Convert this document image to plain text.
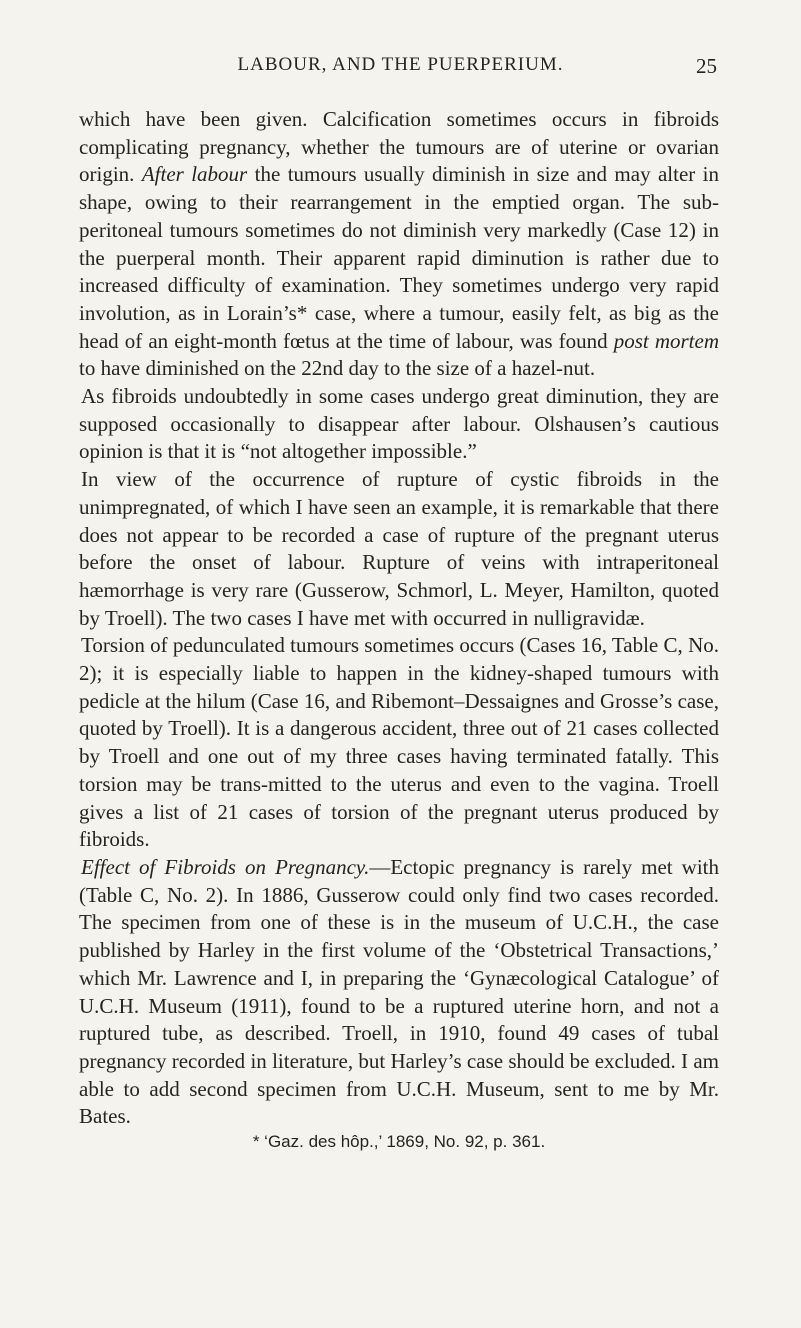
LABOUR, AND THE PUERPERIUM.	25

which have been given. Calcification sometimes occurs in fibroids complicating pregnancy, whether the tumours are of uterine or ovarian origin. After labour the tumours usually diminish in size and may alter in shape, owing to their rearrangement in the emptied organ. The sub-peritoneal tumours sometimes do not diminish very markedly (Case 12) in the puerperal month. Their apparent rapid diminution is rather due to increased difficulty of examination. They sometimes undergo very rapid involution, as in Lorain’s* case, where a tumour, easily felt, as big as the head of an eight-month fœtus at the time of labour, was found post mortem to have diminished on the 22nd day to the size of a hazel-nut.

As fibroids undoubtedly in some cases undergo great diminution, they are supposed occasionally to disappear after labour. Olshausen’s cautious opinion is that it is “not altogether impossible.”

In view of the occurrence of rupture of cystic fibroids in the unimpregnated, of which I have seen an example, it is remarkable that there does not appear to be recorded a case of rupture of the pregnant uterus before the onset of labour. Rupture of veins with intraperitoneal hæmorrhage is very rare (Gusserow, Schmorl, L. Meyer, Hamilton, quoted by Troell). The two cases I have met with occurred in nulligravidæ.

Torsion of pedunculated tumours sometimes occurs (Cases 16, Table C, No. 2); it is especially liable to happen in the kidney-shaped tumours with pedicle at the hilum (Case 16, and Ribemont–Dessaignes and Grosse’s case, quoted by Troell). It is a dangerous accident, three out of 21 cases collected by Troell and one out of my three cases having terminated fatally. This torsion may be trans-mitted to the uterus and even to the vagina. Troell gives a list of 21 cases of torsion of the pregnant uterus produced by fibroids.

Effect of Fibroids on Pregnancy.—Ectopic pregnancy is rarely met with (Table C, No. 2). In 1886, Gusserow could only find two cases recorded. The specimen from one of these is in the museum of U.C.H., the case published by Harley in the first volume of the ‘Obstetrical Transactions,’ which Mr. Lawrence and I, in preparing the ‘Gynæcological Catalogue’ of U.C.H. Museum (1911), found to be a ruptured uterine horn, and not a ruptured tube, as described. Troell, in 1910, found 49 cases of tubal pregnancy recorded in literature, but Harley’s case should be excluded. I am able to add second specimen from U.C.H. Museum, sent to me by Mr. Bates.

* ‘Gaz. des hôp.,’ 1869, No. 92, p. 361.
